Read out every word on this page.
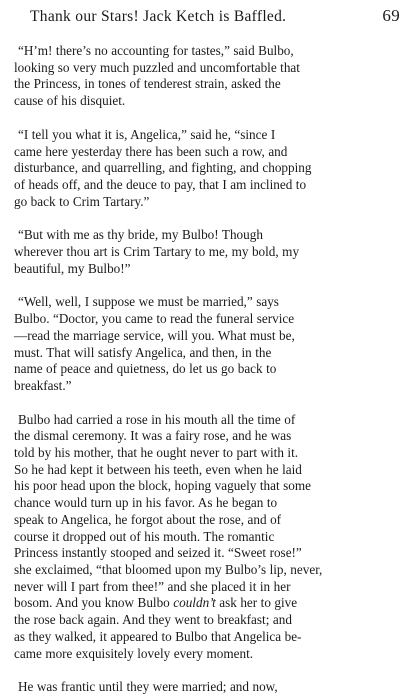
Thank our Stars! Jack Ketch is Baffled.	69

“H’m! there’s no accounting for tastes,” said Bulbo,
looking so very much puzzled and uncomfortable that
the Princess, in tones of tenderest strain, asked the
cause of his disquiet.

“I tell you what it is, Angelica,” said he, “since I
came here yesterday there has been such a row, and
disturbance, and quarrelling, and fighting, and chopping
of heads off, and the deuce to pay, that I am inclined to
go back to Crim Tartary.”

“But with me as thy bride, my Bulbo! Though
wherever thou art is Crim Tartary to me, my bold, my
beautiful, my Bulbo!”

“Well, well, I suppose we must be married,” says
Bulbo. “Doctor, you came to read the funeral service
—read the marriage service, will you. What must be,
must. That will satisfy Angelica, and then, in the
name of peace and quietness, do let us go back to
breakfast.”

Bulbo had carried a rose in his mouth all the time of
the dismal ceremony. It was a fairy rose, and he was
told by his mother, that he ought never to part with it.
So he had kept it between his teeth, even when he laid
his poor head upon the block, hoping vaguely that some
chance would turn up in his favor. As he began to
speak to Angelica, he forgot about the rose, and of
course it dropped out of his mouth. The romantic
Princess instantly stooped and seized it. “Sweet rose!”
she exclaimed, “that bloomed upon my Bulbo’s lip, never,
never will I part from thee!” and she placed it in her
bosom. And you know Bulbo couldn’t ask her to give
the rose back again. And they went to breakfast; and
as they walked, it appeared to Bulbo that Angelica be-
came more exquisitely lovely every moment.

He was frantic until they were married; and now,
